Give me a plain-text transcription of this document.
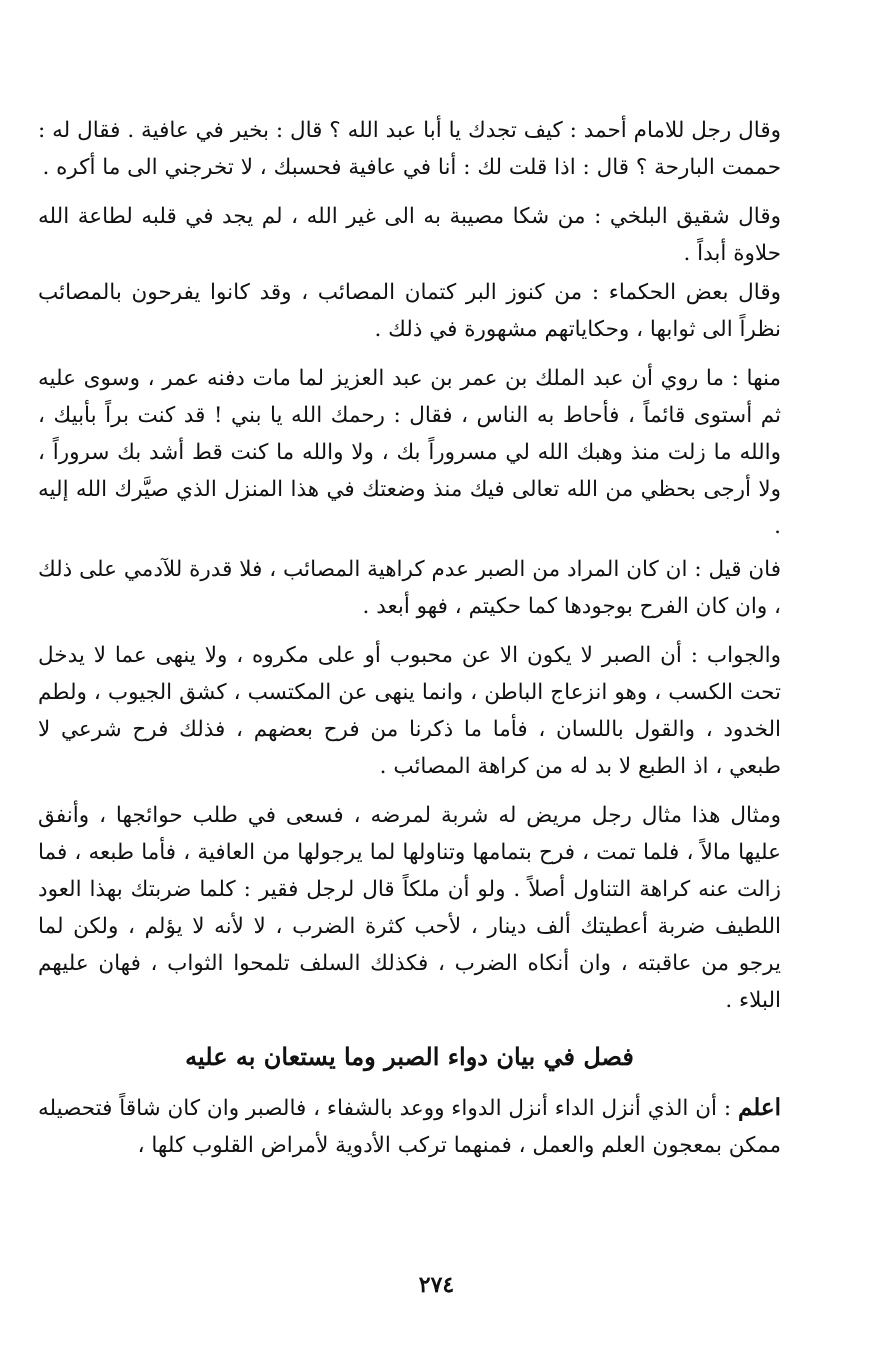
وقال رجل للامام أحمد : كيف تجدك يا أبا عبد الله ؟ قال : بخير في عافية . فقال له : حممت البارحة ؟ قال : اذا قلت لك : أنا في عافية فحسبك ، لا تخرجني الى ما أكره .

وقال شقيق البلخي : من شكا مصيبة به الى غير الله ، لم يجد في قلبه لطاعة الله حلاوة أبداً .

وقال بعض الحكماء : من كنوز البر كتمان المصائب ، وقد كانوا يفرحون بالمصائب نظراً الى ثوابها ، وحكاياتهم مشهورة في ذلك .

منها : ما روي أن عبد الملك بن عمر بن عبد العزيز لما مات دفنه عمر ، وسوى عليه ثم أستوى قائماً ، فأحاط به الناس ، فقال : رحمك الله يا بني ! قد كنت براً بأبيك ، والله ما زلت منذ وهبك الله لي مسروراً بك ، ولا والله ما كنت قط أشد بك سروراً ، ولا أرجى بحظي من الله تعالى فيك منذ وضعتك في هذا المنزل الذي صيَّرك الله إليه .

فان قيل : ان كان المراد من الصبر عدم كراهية المصائب ، فلا قدرة للآدمي على ذلك ، وان كان الفرح بوجودها كما حكيتم ، فهو أبعد .

والجواب : أن الصبر لا يكون الا عن محبوب أو على مكروه ، ولا ينهى عما لا يدخل تحت الكسب ، وهو انزعاج الباطن ، وانما ينهى عن المكتسب ، كشق الجيوب ، ولطم الخدود ، والقول باللسان ، فأما ما ذكرنا من فرح بعضهم ، فذلك فرح شرعي لا طبعي ، اذ الطبع لا بد له من كراهة المصائب .

ومثال هذا مثال رجل مريض له شربة لمرضه ، فسعى في طلب حوائجها ، وأنفق عليها مالاً ، فلما تمت ، فرح بتمامها وتناولها لما يرجولها من العافية ، فأما طبعه ، فما زالت عنه كراهة التناول أصلاً . ولو أن ملكاً قال لرجل فقير : كلما ضربتك بهذا العود اللطيف ضربة أعطيتك ألف دينار ، لأحب كثرة الضرب ، لا لأنه لا يؤلم ، ولكن لما يرجو من عاقبته ، وان أنكاه الضرب ، فكذلك السلف تلمحوا الثواب ، فهان عليهم البلاء .

فصل في بيان دواء الصبر وما يستعان به عليه

اعلم : أن الذي أنزل الداء أنزل الدواء ووعد بالشفاء ، فالصبر وان كان شاقاً فتحصيله ممكن بمعجون العلم والعمل ، فمنهما تركب الأدوية لأمراض القلوب كلها ،

٢٧٤
